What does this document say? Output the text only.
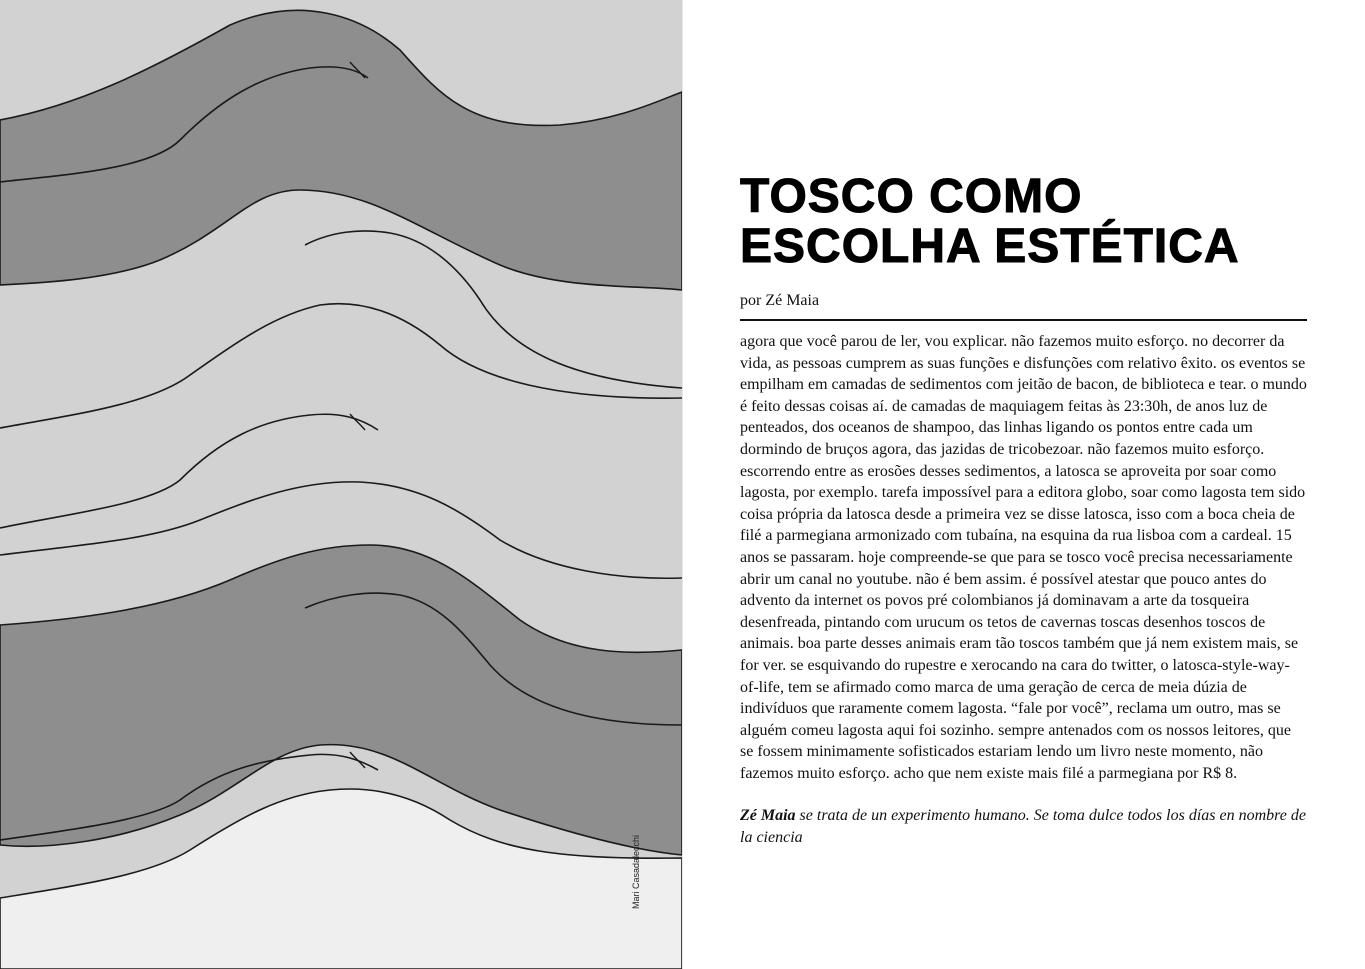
Mari Casadalecchi
TOSCO COMO
ESCOLHA ESTÉTICA
por Zé Maia
agora que você parou de ler, vou explicar. não fazemos muito esforço. no decorrer da vida, as pessoas cumprem as suas funções e disfunções com relativo êxito. os eventos se empilham em camadas de sedimentos com jeitão de bacon, de biblioteca e tear. o mundo é feito dessas coisas aí. de camadas de maquiagem feitas às 23:30h, de anos luz de penteados, dos oceanos de shampoo, das linhas ligando os pontos entre cada um dormindo de bruços agora, das jazidas de tricobezoar. não fazemos muito esforço. escorrendo entre as erosões desses sedimentos, a latosca se aproveita por soar como lagosta, por exemplo. tarefa impossível para a editora globo, soar como lagosta tem sido coisa própria da latosca desde a primeira vez se disse latosca, isso com a boca cheia de filé a parmegiana armonizado com tubaína, na esquina da rua lisboa com a cardeal. 15 anos se passaram. hoje compreende-se que para se tosco você precisa necessariamente abrir um canal no youtube. não é bem assim. é possível atestar que pouco antes do advento da internet os povos pré colombianos já dominavam a arte da tosqueira desenfreada, pintando com urucum os tetos de cavernas toscas desenhos toscos de animais. boa parte desses animais eram tão toscos também que já nem existem mais, se for ver. se esquivando do rupestre e xerocando na cara do twitter, o latosca-style-way-of-life, tem se afirmado como marca de uma geração de cerca de meia dúzia de indivíduos que raramente comem lagosta. “fale por você”, reclama um outro, mas se alguém comeu lagosta aqui foi sozinho. sempre antenados com os nossos leitores, que se fossem minimamente sofisticados estariam lendo um livro neste momento, não fazemos muito esforço. acho que nem existe mais filé a parmegiana por R$ 8.
Zé Maia se trata de un experimento humano. Se toma dulce todos los días en nombre de la ciencia
